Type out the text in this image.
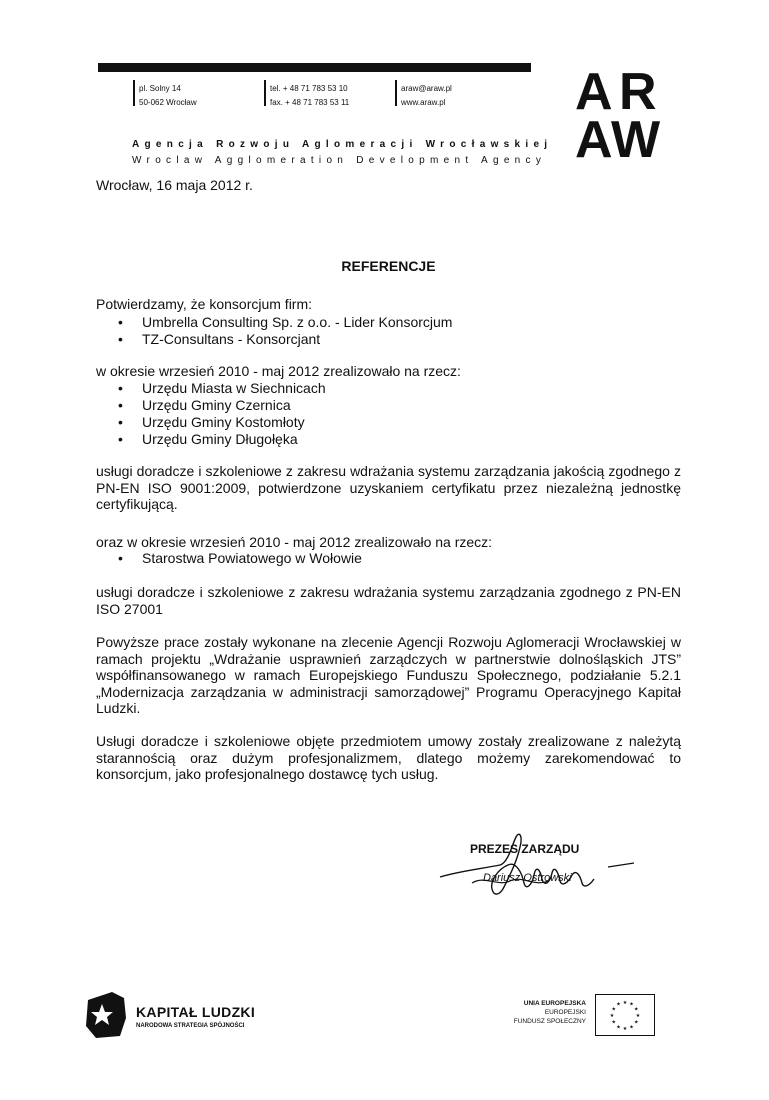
pl. Solny 14
50-062 Wrocław
tel. + 48 71 783 53 10
fax. + 48 71 783 53 11
araw@araw.pl
www.araw.pl
Agencja Rozwoju Aglomeracji Wrocławskiej
Wroclaw Agglomeration Development Agency
A R
A
W
Wrocław, 16 maja 2012 r.
REFERENCJE
Potwierdzamy, że konsorcjum firm:
• Umbrella Consulting Sp. z o.o. - Lider Konsorcjum
• TZ-Consultans - Konsorcjant
w okresie wrzesień 2010 - maj 2012 zrealizowało na rzecz:
• Urzędu Miasta w Siechnicach
• Urzędu Gminy Czernica
• Urzędu Gminy Kostomłoty
• Urzędu Gminy Długołęka
usługi doradcze i szkoleniowe z zakresu wdrażania systemu zarządzania jakością zgodnego z PN-EN ISO 9001:2009, potwierdzone uzyskaniem certyfikatu przez niezależną jednostkę certyfikującą.
oraz w okresie wrzesień 2010 - maj 2012 zrealizowało na rzecz:
• Starostwa Powiatowego w Wołowie
usługi doradcze i szkoleniowe z zakresu wdrażania systemu zarządzania zgodnego z PN-EN ISO 27001
Powyższe prace zostały wykonane na zlecenie Agencji Rozwoju Aglomeracji Wrocławskiej w ramach projektu „Wdrażanie usprawnień zarządczych w partnerstwie dolnośląskich JTS” współfinansowanego w ramach Europejskiego Funduszu Społecznego, podziałanie 5.2.1 „Modernizacja zarządzania w administracji samorządowej” Programu Operacyjnego Kapitał Ludzki.
Usługi doradcze i szkoleniowe objęte przedmiotem umowy zostały zrealizowane z należytą starannością oraz dużym profesjonalizmem, dlatego możemy zarekomendować to konsorcjum, jako profesjonalnego dostawcę tych usług.
PREZES ZARZĄDU
Dariusz Ostrowski
KAPITAŁ LUDZKI
NARODOWA STRATEGIA SPÓJNOŚCI
UNIA EUROPEJSKA
EUROPEJSKI
FUNDUSZ SPOŁECZNY
★ ★
★
★
★
★
★
★
★
★
★
★
